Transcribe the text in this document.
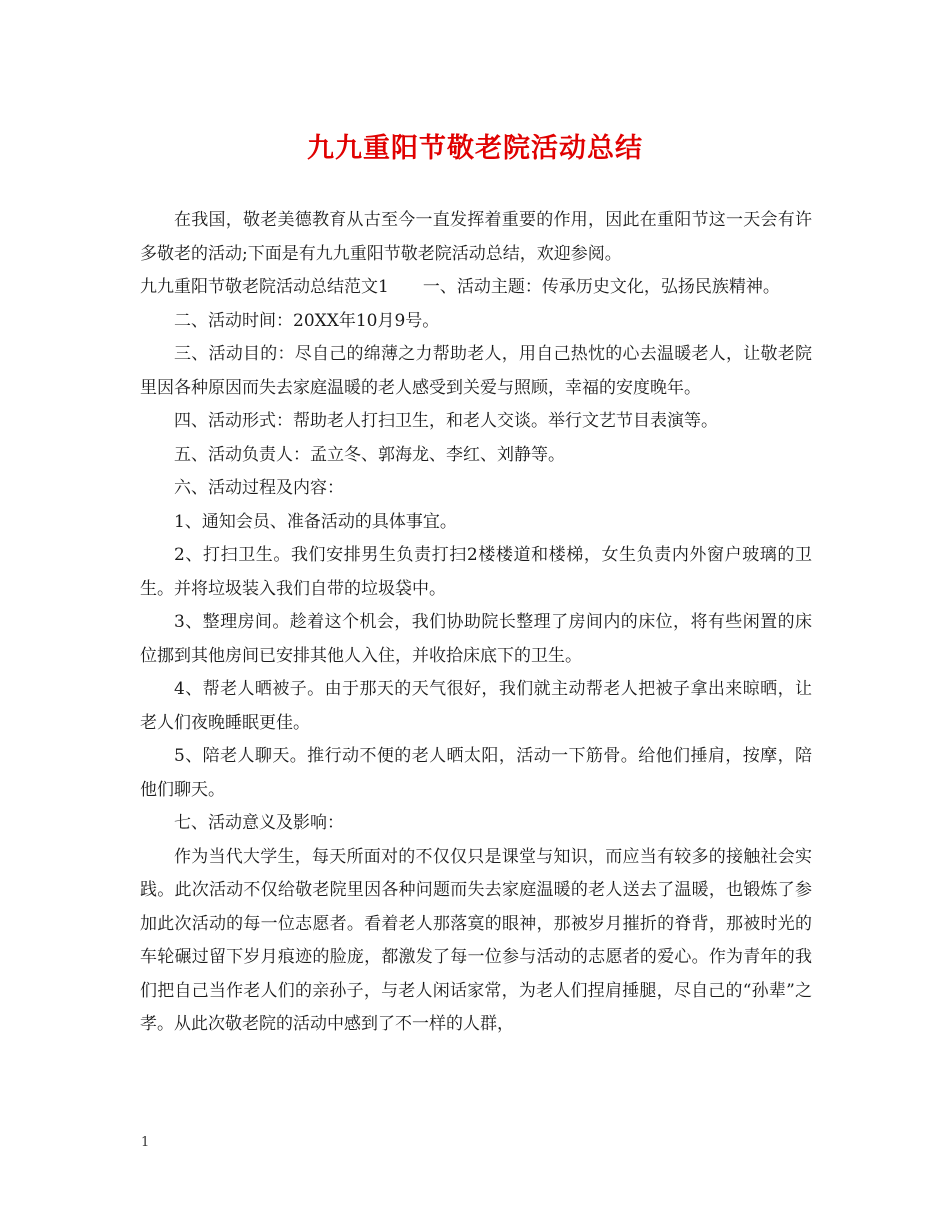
九九重阳节敬老院活动总结

在我国，敬老美德教育从古至今一直发挥着重要的作用，因此在重阳节这一天会有许多敬老的活动;下面是有九九重阳节敬老院活动总结，欢迎参阅。

九九重阳节敬老院活动总结范文1　　一、活动主题：传承历史文化，弘扬民族精神。

二、活动时间：20XX年10月9号。

三、活动目的：尽自己的绵薄之力帮助老人，用自己热忱的心去温暖老人，让敬老院里因各种原因而失去家庭温暖的老人感受到关爱与照顾，幸福的安度晚年。

四、活动形式：帮助老人打扫卫生，和老人交谈。举行文艺节目表演等。

五、活动负责人：孟立冬、郭海龙、李红、刘静等。

六、活动过程及内容：

1、通知会员、准备活动的具体事宜。

2、打扫卫生。我们安排男生负责打扫2楼楼道和楼梯，女生负责内外窗户玻璃的卫生。并将垃圾装入我们自带的垃圾袋中。

3、整理房间。趁着这个机会，我们协助院长整理了房间内的床位，将有些闲置的床位挪到其他房间已安排其他人入住，并收拾床底下的卫生。

4、帮老人晒被子。由于那天的天气很好，我们就主动帮老人把被子拿出来晾晒，让老人们夜晚睡眠更佳。

5、陪老人聊天。推行动不便的老人晒太阳，活动一下筋骨。给他们捶肩，按摩，陪他们聊天。

七、活动意义及影响：

作为当代大学生，每天所面对的不仅仅只是课堂与知识，而应当有较多的接触社会实践。此次活动不仅给敬老院里因各种问题而失去家庭温暖的老人送去了温暖，也锻炼了参加此次活动的每一位志愿者。看着老人那落寞的眼神，那被岁月摧折的脊背，那被时光的车轮碾过留下岁月痕迹的脸庞，都激发了每一位参与活动的志愿者的爱心。作为青年的我们把自己当作老人们的亲孙子，与老人闲话家常，为老人们捏肩捶腿，尽自己的“孙辈”之孝。从此次敬老院的活动中感到了不一样的人群，

1
